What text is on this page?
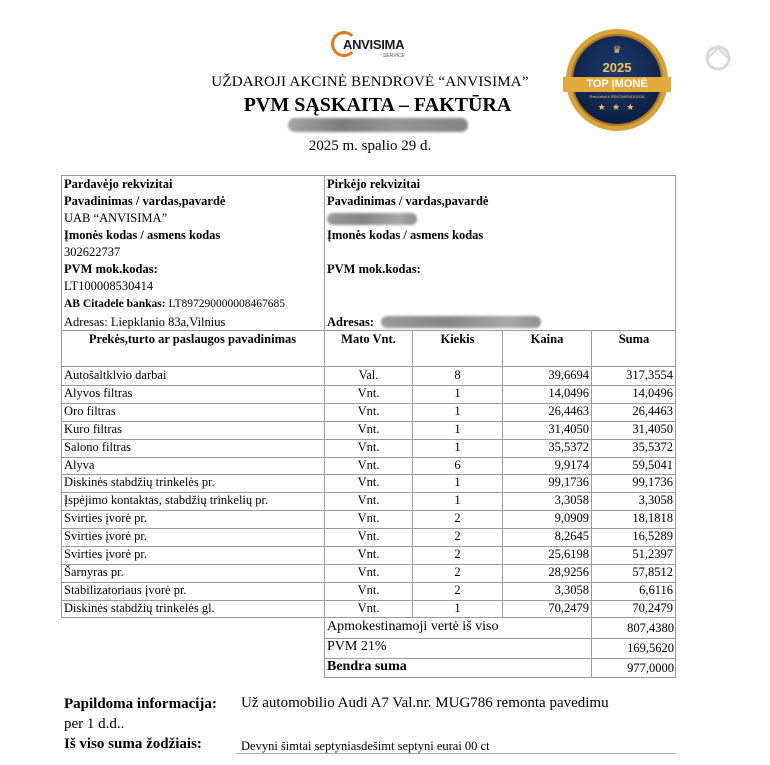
ANVISIMA
SERVICE
UŽDAROJI AKCINĖ BENDROVĖ “ANVISIMA”
PVM SĄSKAITA – FAKTŪRA
2025 m. spalio 29 d.
♛
2025
TOP ĮMONĖ
Rekvizitai.lt REKOMENDUOJA
★ ★ ★
Pardavėjo rekvizitai
Pavadinimas / vardas,pavardė
UAB “ANVISIMA”
Įmonės kodas / asmens kodas
302622737
PVM mok.kodas:
LT100008530414
AB Citadele bankas: LT897290000008467685
Adresas: Liepklanio 83a,Vilnius
Pirkėjo rekvizitai
Pavadinimas / vardas,pavardė
Įmonės kodas / asmens kodas
PVM mok.kodas:
Adresas:
Prekės,turto ar paslaugos pavadinimas	Mato Vnt.	Kiekis	Kaina	Suma
Autošaltklvio darbai	Val.	8	39,6694	317,3554
Alyvos filtras	Vnt.	1	14,0496	14,0496
Oro filtras	Vnt.	1	26,4463	26,4463
Kuro filtras	Vnt.	1	31,4050	31,4050
Salono filtras	Vnt.	1	35,5372	35,5372
Alyva	Vnt.	6	9,9174	59,5041
Diskinės stabdžių trinkelės pr.	Vnt.	1	99,1736	99,1736
Įspėjimo kontaktas, stabdžių trinkelių pr.	Vnt.	1	3,3058	3,3058
Svirties įvorė pr.	Vnt.	2	9,0909	18,1818
Svirties įvorė pr.	Vnt.	2	8,2645	16,5289
Svirties įvorė pr.	Vnt.	2	25,6198	51,2397
Šarnyras pr.	Vnt.	2	28,9256	57,8512
Stabilizatoriaus įvorė pr.	Vnt.	2	3,3058	6,6116
Diskinės stabdžių trinkelės gl.	Vnt.	1	70,2479	70,2479
Apmokestinamoji vertė iš viso	807,4380
PVM 21%	169,5620
Bendra suma	977,0000
Papildoma informacija: Už automobilio Audi A7 Val.nr. MUG786 remonta pavedimu
per 1 d.d..
Iš viso suma žodžiais:	Devyni šimtai septyniasdešimt septyni eurai 00 ct
